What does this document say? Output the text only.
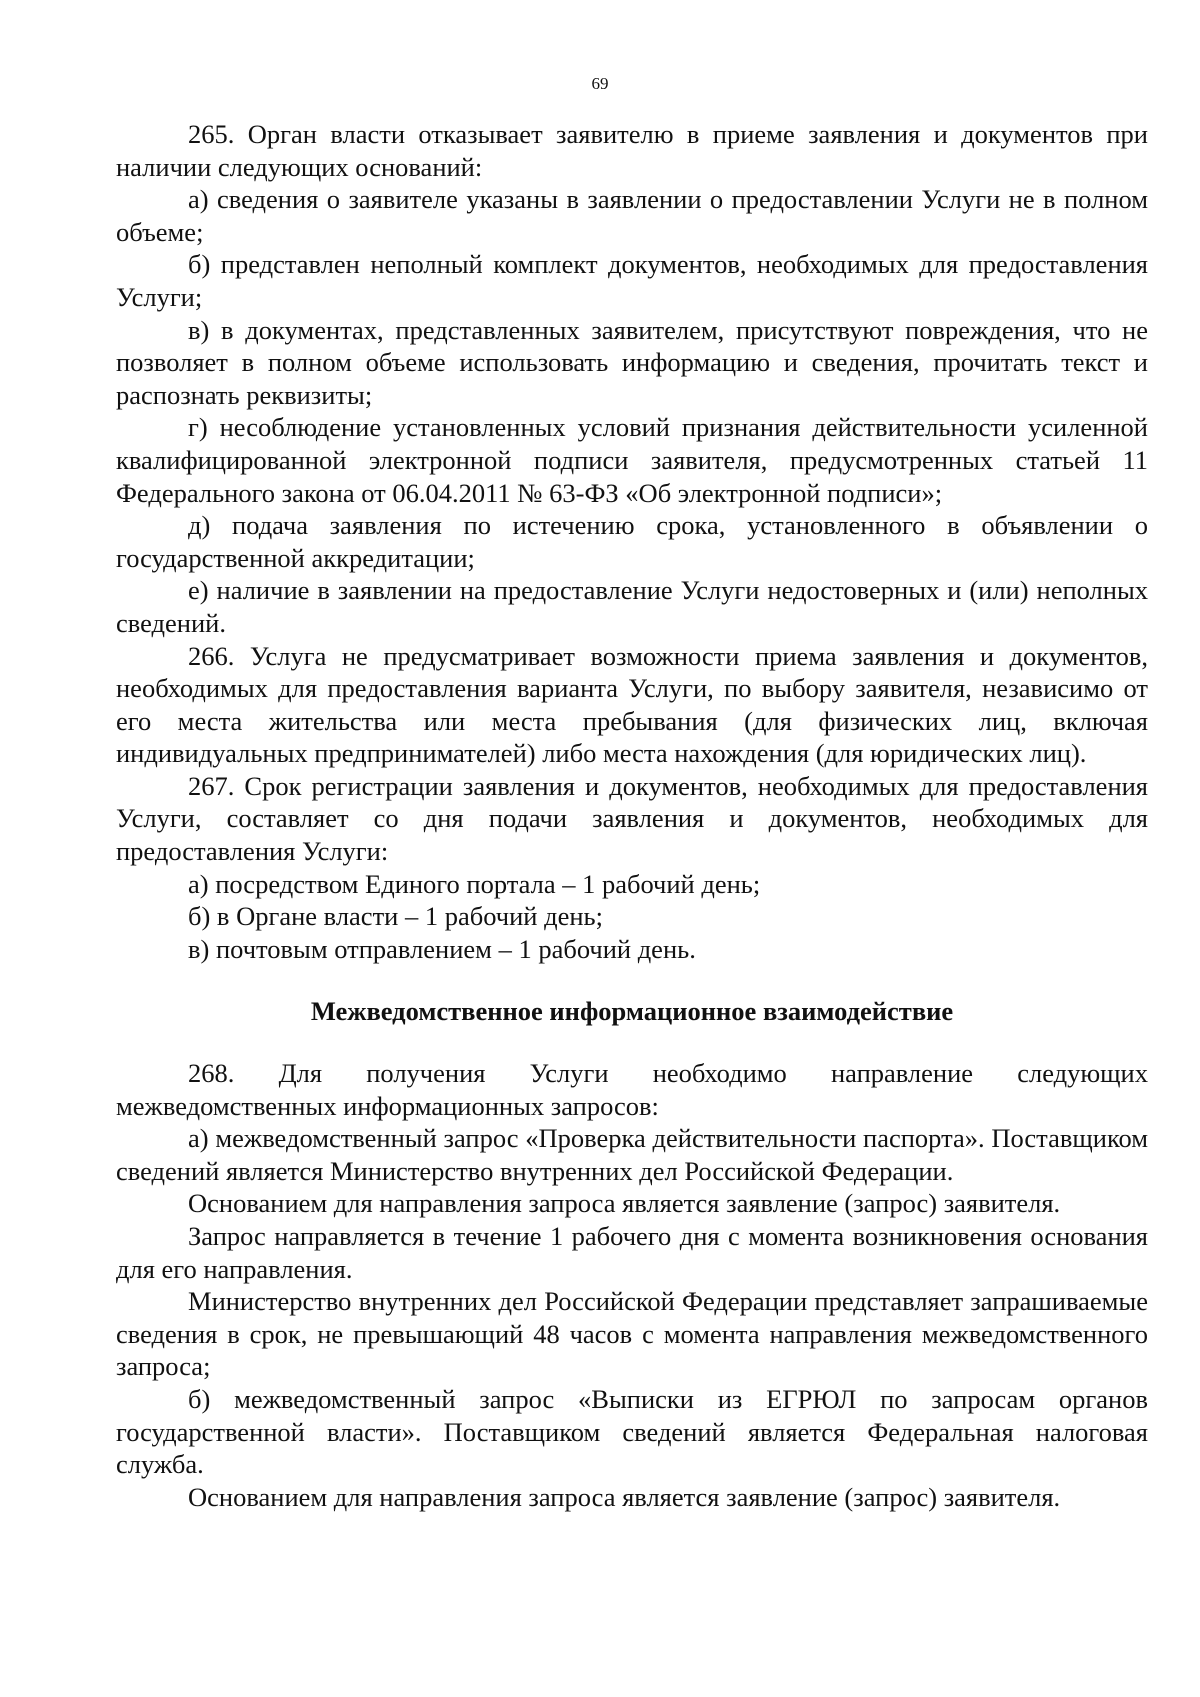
69

265. Орган власти отказывает заявителю в приеме заявления и документов при наличии следующих оснований:

а) сведения о заявителе указаны в заявлении о предоставлении Услуги не в полном объеме;

б) представлен неполный комплект документов, необходимых для предоставления Услуги;

в) в документах, представленных заявителем, присутствуют повреждения, что не позволяет в полном объеме использовать информацию и сведения, прочитать текст и распознать реквизиты;

г) несоблюдение установленных условий признания действительности усиленной квалифицированной электронной подписи заявителя, предусмотренных статьей 11 Федерального закона от 06.04.2011 № 63-ФЗ «Об электронной подписи»;

д) подача заявления по истечению срока, установленного в объявлении о государственной аккредитации;

е) наличие в заявлении на предоставление Услуги недостоверных и (или) неполных сведений.

266. Услуга не предусматривает возможности приема заявления и документов, необходимых для предоставления варианта Услуги, по выбору заявителя, независимо от его места жительства или места пребывания (для физических лиц, включая индивидуальных предпринимателей) либо места нахождения (для юридических лиц).

267. Срок регистрации заявления и документов, необходимых для предоставления Услуги, составляет со дня подачи заявления и документов, необходимых для предоставления Услуги:

а) посредством Единого портала – 1 рабочий день;

б) в Органе власти – 1 рабочий день;

в) почтовым отправлением – 1 рабочий день.

Межведомственное информационное взаимодействие

268. Для получения Услуги необходимо направление следующих межведомственных информационных запросов:

а) межведомственный запрос «Проверка действительности паспорта». Поставщиком сведений является Министерство внутренних дел Российской Федерации.

Основанием для направления запроса является заявление (запрос) заявителя.

Запрос направляется в течение 1 рабочего дня с момента возникновения основания для его направления.

Министерство внутренних дел Российской Федерации представляет запрашиваемые сведения в срок, не превышающий 48 часов с момента направления межведомственного запроса;

б) межведомственный запрос «Выписки из ЕГРЮЛ по запросам органов государственной власти». Поставщиком сведений является Федеральная налоговая служба.

Основанием для направления запроса является заявление (запрос) заявителя.
